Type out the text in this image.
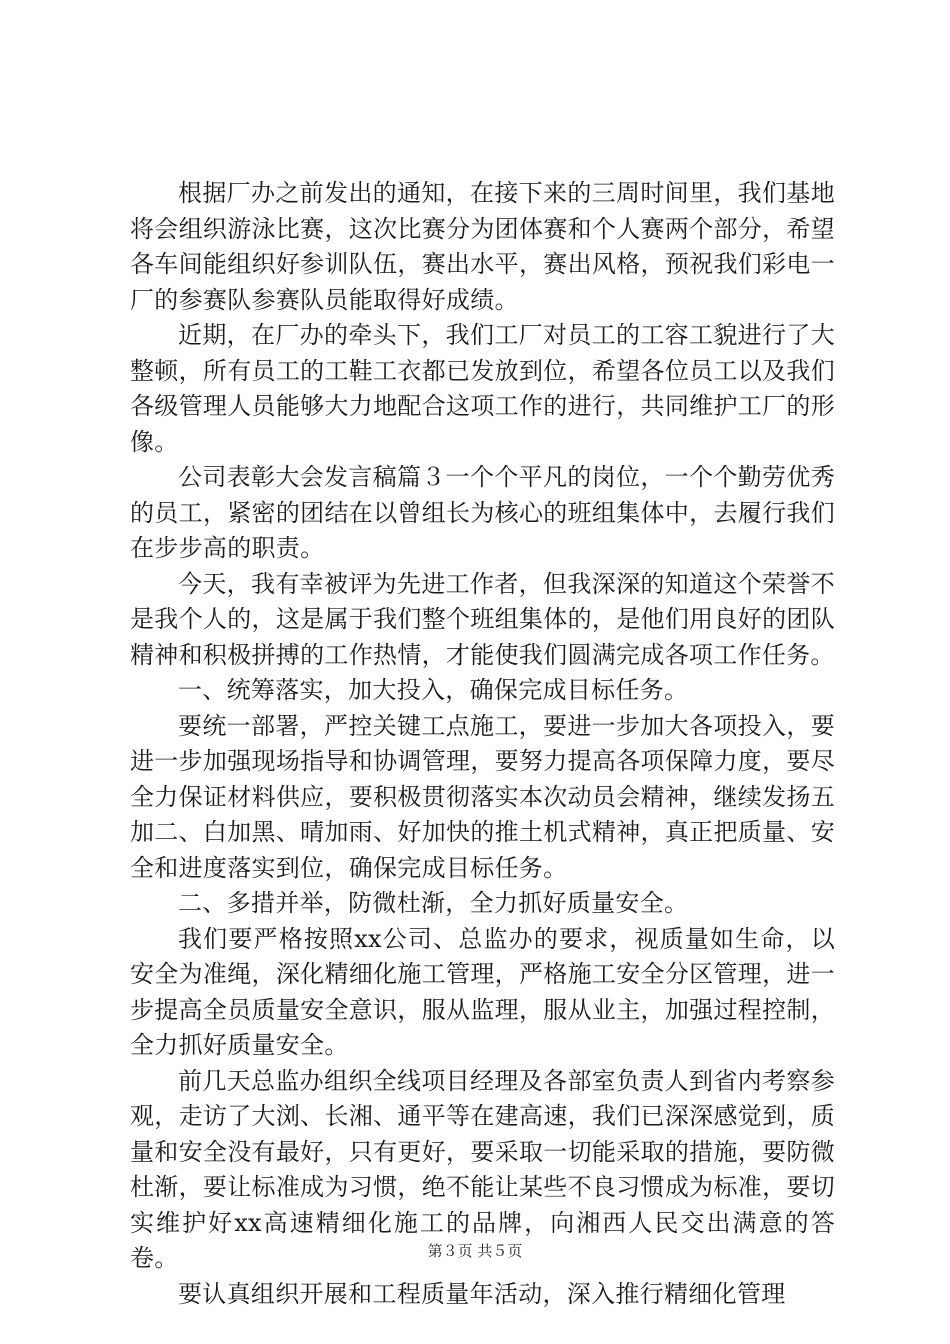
根据厂办之前发出的通知，在接下来的三周时间里，我们基地将会组织游泳比赛，这次比赛分为团体赛和个人赛两个部分，希望各车间能组织好参训队伍，赛出水平，赛出风格，预祝我们彩电一厂的参赛队参赛队员能取得好成绩。

近期，在厂办的牵头下，我们工厂对员工的工容工貌进行了大整顿，所有员工的工鞋工衣都已发放到位，希望各位员工以及我们各级管理人员能够大力地配合这项工作的进行，共同维护工厂的形像。

公司表彰大会发言稿篇３一个个平凡的岗位，一个个勤劳优秀的员工，紧密的团结在以曾组长为核心的班组集体中，去履行我们在步步高的职责。

今天，我有幸被评为先进工作者，但我深深的知道这个荣誉不是我个人的，这是属于我们整个班组集体的，是他们用良好的团队精神和积极拼搏的工作热情，才能使我们圆满完成各项工作任务。

一、统筹落实，加大投入，确保完成目标任务。

要统一部署，严控关键工点施工，要进一步加大各项投入，要进一步加强现场指导和协调管理，要努力提高各项保障力度，要尽全力保证材料供应，要积极贯彻落实本次动员会精神，继续发扬五加二、白加黑、晴加雨、好加快的推土机式精神，真正把质量、安全和进度落实到位，确保完成目标任务。

二、多措并举，防微杜渐，全力抓好质量安全。

我们要严格按照xx公司、总监办的要求，视质量如生命，以安全为准绳，深化精细化施工管理，严格施工安全分区管理，进一步提高全员质量安全意识，服从监理，服从业主，加强过程控制，全力抓好质量安全。

前几天总监办组织全线项目经理及各部室负责人到省内考察参观，走访了大浏、长湘、通平等在建高速，我们已深深感觉到，质量和安全没有最好，只有更好，要采取一切能采取的措施，要防微杜渐，要让标准成为习惯，绝不能让某些不良习惯成为标准，要切实维护好xx高速精细化施工的品牌，向湘西人民交出满意的答卷。

要认真组织开展和工程质量年活动，深入推行精细化管理

第３页 共５页
